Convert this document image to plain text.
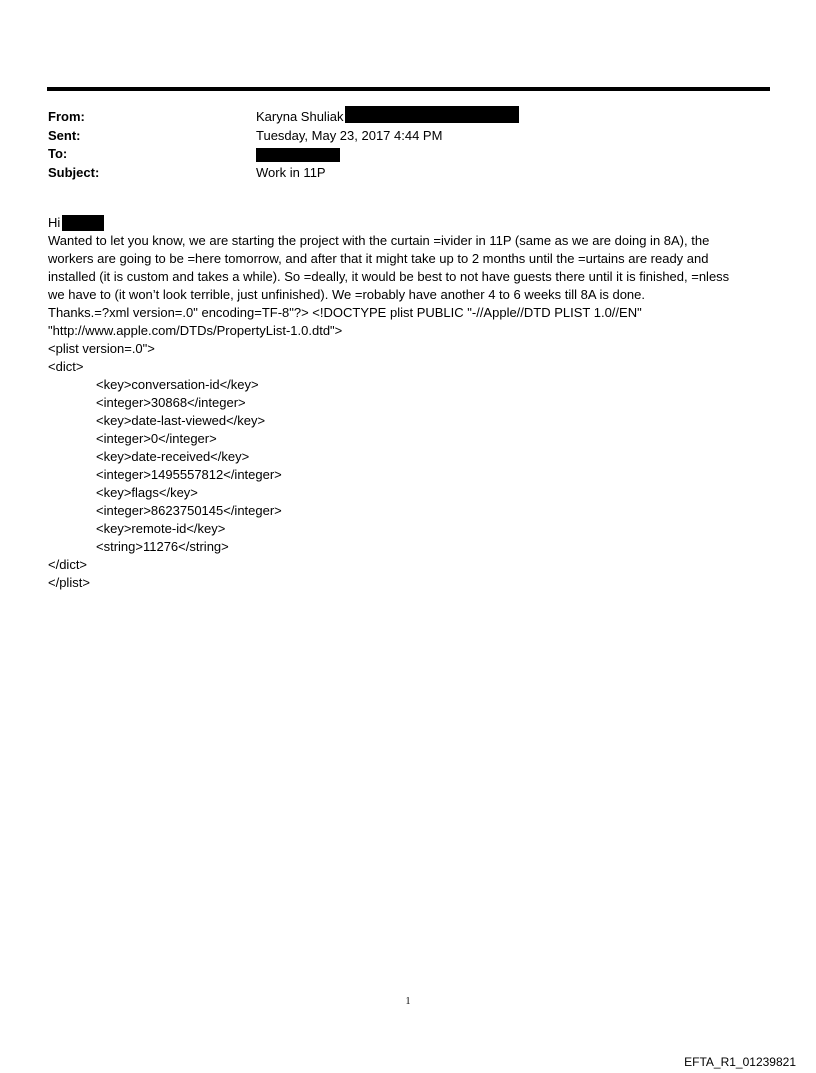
From:	Karyna Shuliak
Sent:	Tuesday, May 23, 2017 4:44 PM
To:
Subject:	Work in 11P
Hi
Wanted to let you know, we are starting the project with the curtain =ivider in 11P (same as we are doing in 8A), the
workers are going to be =here tomorrow, and after that it might take up to 2 months until the =urtains are ready and
installed (it is custom and takes a while). So =deally, it would be best to not have guests there until it is finished, =nless
we have to (it won’t look terrible, just unfinished). We =robably have another 4 to 6 weeks till 8A is done.
Thanks.=?xml version=.0" encoding=TF-8"?> <!DOCTYPE plist PUBLIC "-//Apple//DTD PLIST 1.0//EN"
"http://www.apple.com/DTDs/PropertyList-1.0.dtd">
<plist version=.0">
<dict>
<key>conversation-id</key>
<integer>30868</integer>
<key>date-last-viewed</key>
<integer>0</integer>
<key>date-received</key>
<integer>1495557812</integer>
<key>flags</key>
<integer>8623750145</integer>
<key>remote-id</key>
<string>11276</string>
</dict>
</plist>
1
EFTA_R1_01239821
